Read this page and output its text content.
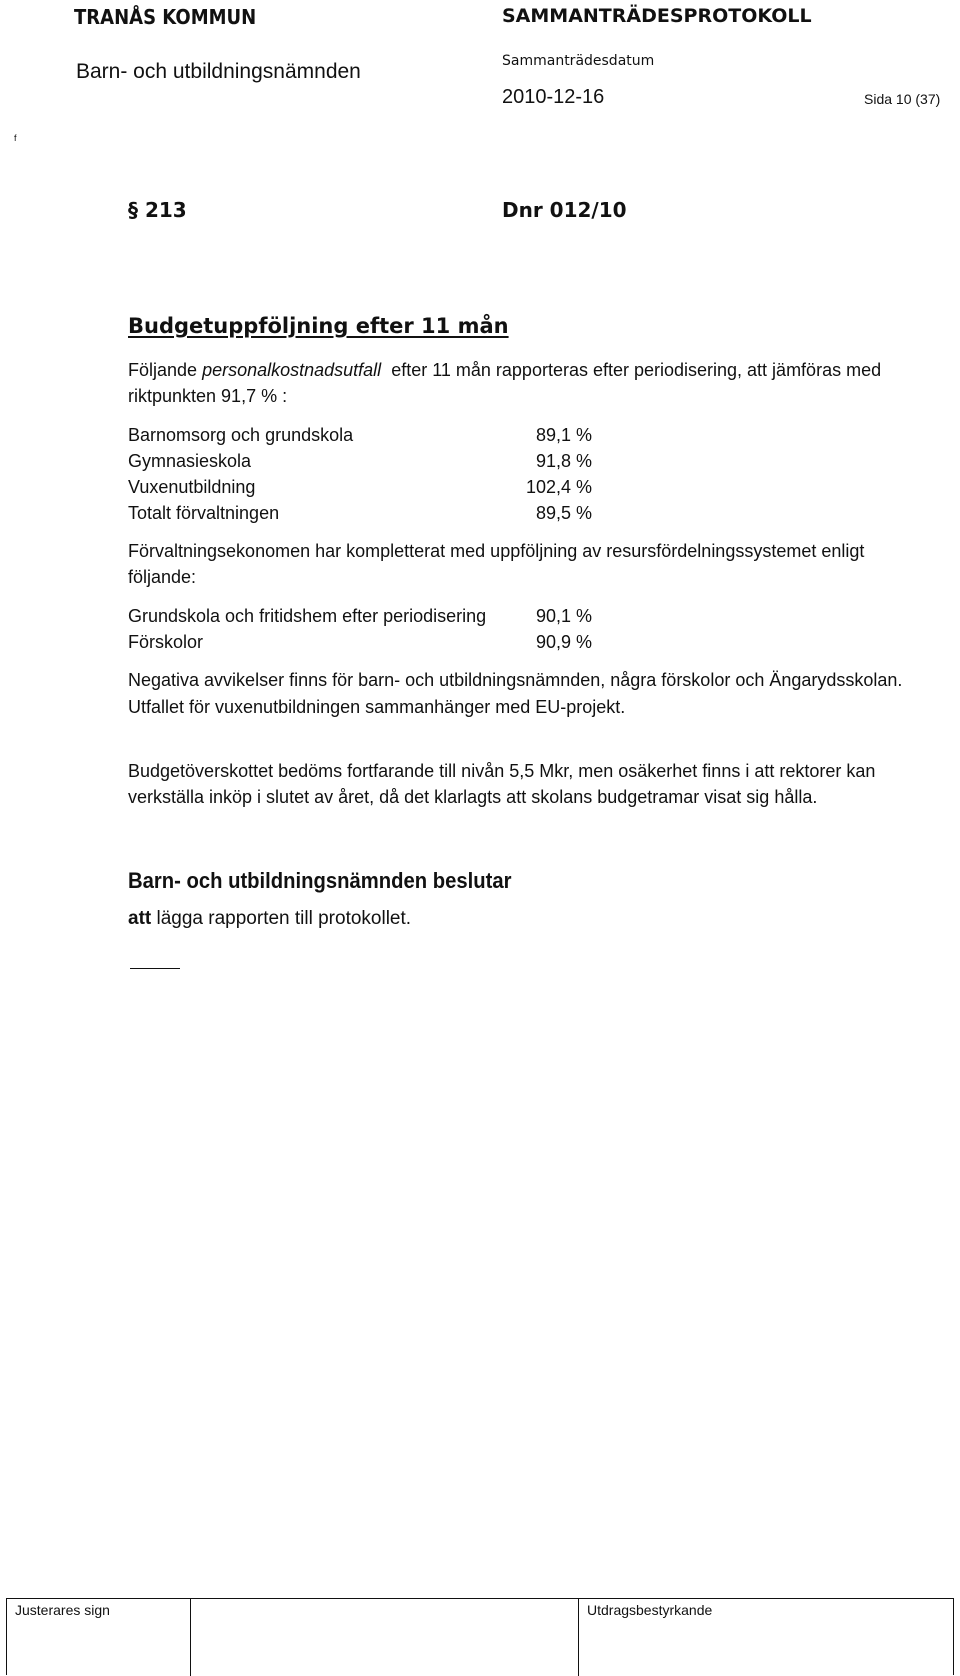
TRANÅS KOMMUN
Barn- och utbildningsnämnden
SAMMANTRÄDESPROTOKOLL
Sammanträdesdatum
2010-12-16	Sida 10 (37)
f
§ 213	Dnr 012/10
Budgetuppföljning efter 11 mån
Följande personalkostnadsutfall  efter 11 mån rapporteras efter periodisering, att jämföras med
riktpunkten 91,7 % :
Barnomsorg och grundskola	89,1 %
Gymnasieskola	91,8 %
Vuxenutbildning	102,4 %
Totalt förvaltningen	89,5 %
Förvaltningsekonomen har kompletterat med uppföljning av resursfördelningssystemet enligt
följande:
Grundskola och fritidshem efter periodisering	90,1 %
Förskolor	90,9 %
Negativa avvikelser finns för barn- och utbildningsnämnden, några förskolor och Ängarydsskolan.
Utfallet för vuxenutbildningen sammanhänger med EU-projekt.
Budgetöverskottet bedöms fortfarande till nivån 5,5 Mkr, men osäkerhet finns i att rektorer kan
verkställa inköp i slutet av året, då det klarlagts att skolans budgetramar visat sig hålla.
Barn- och utbildningsnämnden beslutar
att lägga rapporten till protokollet.
Justerares sign	Utdragsbestyrkande
